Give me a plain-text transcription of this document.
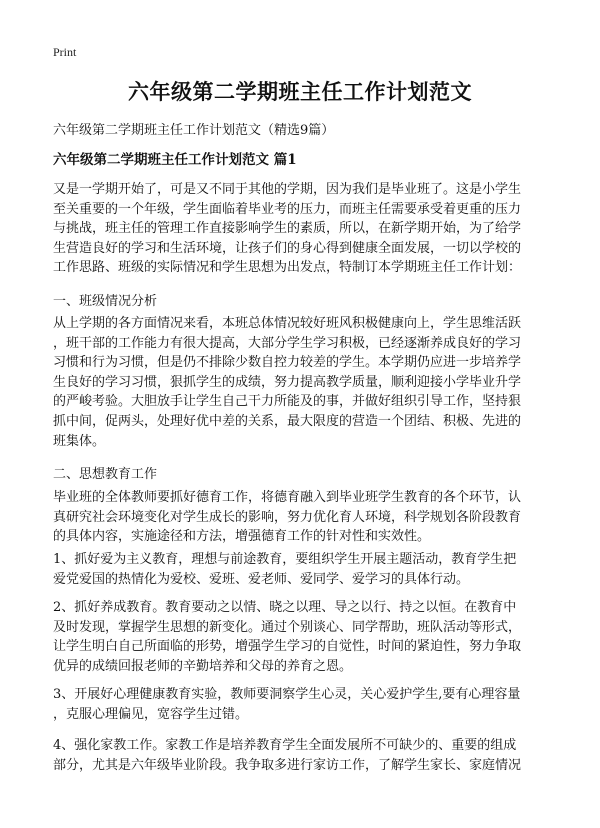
Print
六年级第二学期班主任工作计划范文
六年级第二学期班主任工作计划范文（精选9篇）
六年级第二学期班主任工作计划范文 篇1
又是一学期开始了，可是又不同于其他的学期，因为我们是毕业班了。这是小学生
至关重要的一个年级，学生面临着毕业考的压力，而班主任需要承受着更重的压力
与挑战，班主任的管理工作直接影响学生的素质，所以，在新学期开始，为了给学
生营造良好的学习和生活环境，让孩子们的身心得到健康全面发展，一切以学校的
工作思路、班级的实际情况和学生思想为出发点，特制订本学期班主任工作计划：
一、班级情况分析
从上学期的各方面情况来看，本班总体情况较好班风积极健康向上，学生思维活跃
，班干部的工作能力有很大提高，大部分学生学习积极，已经逐渐养成良好的学习
习惯和行为习惯，但是仍不排除少数自控力较差的学生。本学期仍应进一步培养学
生良好的学习习惯，狠抓学生的成绩，努力提高教学质量，顺利迎接小学毕业升学
的严峻考验。大胆放手让学生自己干力所能及的事，并做好组织引导工作，坚持狠
抓中间，促两头，处理好优中差的关系，最大限度的营造一个团结、积极、先进的
班集体。
二、思想教育工作
毕业班的全体教师要抓好德育工作，将德育融入到毕业班学生教育的各个环节，认
真研究社会环境变化对学生成长的影响，努力优化育人环境，科学规划各阶段教育
的具体内容，实施途径和方法，增强德育工作的针对性和实效性。
1、抓好爱为主义教育，理想与前途教育，要组织学生开展主题活动，教育学生把
爱党爱国的热情化为爱校、爱班、爱老师、爱同学、爱学习的具体行动。
2、抓好养成教育。教育要动之以情、晓之以理、导之以行、持之以恒。在教育中
及时发现，掌握学生思想的新变化。通过个别谈心、同学帮助，班队活动等形式，
让学生明白自己所面临的形势，增强学生学习的自觉性，时间的紧迫性，努力争取
优异的成绩回报老师的辛勤培养和父母的养育之恩。
3、开展好心理健康教育实验，教师要洞察学生心灵，关心爱护学生,要有心理容量
，克服心理偏见，宽容学生过错。
4、强化家教工作。家教工作是培养教育学生全面发展所不可缺少的、重要的组成
部分，尤其是六年级毕业阶段。我争取多进行家访工作，了解学生家长、家庭情况
